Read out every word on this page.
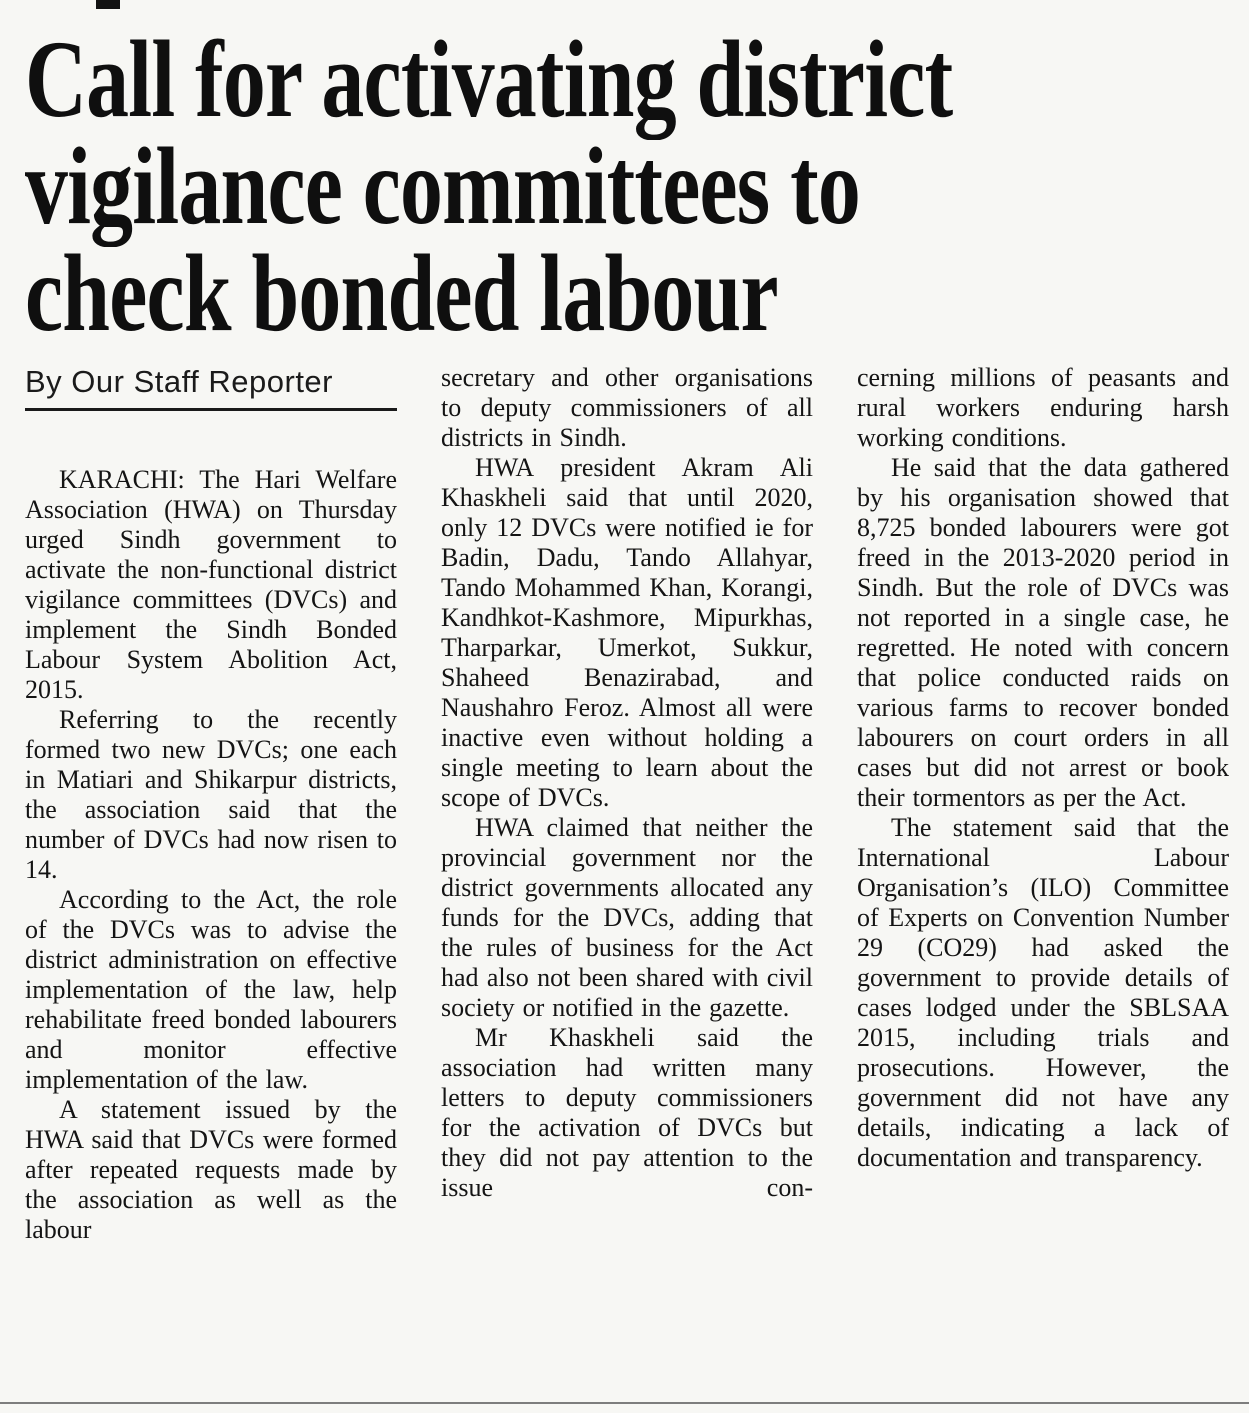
Call for activating district
vigilance committees to
check bonded labour
By Our Staff Reporter

KARACHI: The Hari Welfare Association (HWA) on Thursday urged Sindh government to activate the non-functional district vigilance committees (DVCs) and implement the Sindh Bonded Labour System Abolition Act, 2015.

Referring to the recently formed two new DVCs; one each in Matiari and Shikarpur districts, the association said that the number of DVCs had now risen to 14.

According to the Act, the role of the DVCs was to advise the district administration on effective implementation of the law, help rehabilitate freed bonded labourers and monitor effective implementation of the law.

A statement issued by the HWA said that DVCs were formed after repeated requests made by the association as well as the labour

secretary and other organisations to deputy commissioners of all districts in Sindh.

HWA president Akram Ali Khaskheli said that until 2020, only 12 DVCs were notified ie for Badin, Dadu, Tando Allahyar, Tando Mohammed Khan, Korangi, Kandhkot-Kashmore, Mipurkhas, Tharparkar, Umerkot, Sukkur, Shaheed Benazirabad, and Naushahro Feroz. Almost all were inactive even without holding a single meeting to learn about the scope of DVCs.

HWA claimed that neither the provincial government nor the district governments allocated any funds for the DVCs, adding that the rules of business for the Act had also not been shared with civil society or notified in the gazette.

Mr Khaskheli said the association had written many letters to deputy commissioners for the activation of DVCs but they did not pay attention to the issue con-

cerning millions of peasants and rural workers enduring harsh working conditions.

He said that the data gathered by his organisation showed that 8,725 bonded labourers were got freed in the 2013-2020 period in Sindh. But the role of DVCs was not reported in a single case, he regretted. He noted with concern that police conducted raids on various farms to recover bonded labourers on court orders in all cases but did not arrest or book their tormentors as per the Act.

The statement said that the International Labour Organisation’s (ILO) Committee of Experts on Convention Number 29 (CO29) had asked the government to provide details of cases lodged under the SBLSAA 2015, including trials and prosecutions. However, the government did not have any details, indicating a lack of documentation and transparency.
